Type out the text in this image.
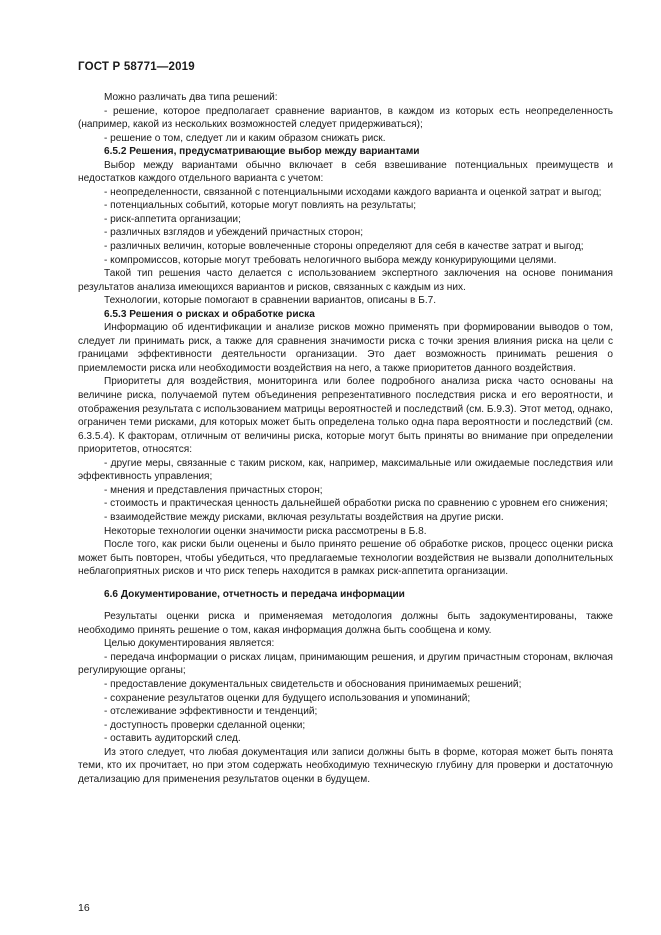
ГОСТ Р 58771—2019

Можно различать два типа решений:

- решение, которое предполагает сравнение вариантов, в каждом из которых есть неопределенность (например, какой из нескольких возможностей следует придерживаться);

- решение о том, следует ли и каким образом снижать риск.

6.5.2 Решения, предусматривающие выбор между вариантами

Выбор между вариантами обычно включает в себя взвешивание потенциальных преимуществ и недостатков каждого отдельного варианта с учетом:

- неопределенности, связанной с потенциальными исходами каждого варианта и оценкой затрат и выгод;

- потенциальных событий, которые могут повлиять на результаты;

- риск-аппетита организации;

- различных взглядов и убеждений причастных сторон;

- различных величин, которые вовлеченные стороны определяют для себя в качестве затрат и выгод;

- компромиссов, которые могут требовать нелогичного выбора между конкурирующими целями.

Такой тип решения часто делается с использованием экспертного заключения на основе понимания результатов анализа имеющихся вариантов и рисков, связанных с каждым из них.

Технологии, которые помогают в сравнении вариантов, описаны в Б.7.

6.5.3 Решения о рисках и обработке риска

Информацию об идентификации и анализе рисков можно применять при формировании выводов о том, следует ли принимать риск, а также для сравнения значимости риска с точки зрения влияния риска на цели с границами эффективности деятельности организации. Это дает возможность принимать решения о приемлемости риска или необходимости воздействия на него, а также приоритетов данного воздействия.

Приоритеты для воздействия, мониторинга или более подробного анализа риска часто основаны на величине риска, получаемой путем объединения репрезентативного последствия риска и его вероятности, и отображения результата с использованием матрицы вероятностей и последствий (см. Б.9.3). Этот метод, однако, ограничен теми рисками, для которых может быть определена только одна пара вероятности и последствий (см. 6.3.5.4). К факторам, отличным от величины риска, которые могут быть приняты во внимание при определении приоритетов, относятся:

- другие меры, связанные с таким риском, как, например, максимальные или ожидаемые последствия или эффективность управления;

- мнения и представления причастных сторон;

- стоимость и практическая ценность дальнейшей обработки риска по сравнению с уровнем его снижения;

- взаимодействие между рисками, включая результаты воздействия на другие риски.

Некоторые технологии оценки значимости риска рассмотрены в Б.8.

После того, как риски были оценены и было принято решение об обработке рисков, процесс оценки риска может быть повторен, чтобы убедиться, что предлагаемые технологии воздействия не вызвали дополнительных неблагоприятных рисков и что риск теперь находится в рамках риск-аппетита организации.

6.6 Документирование, отчетность и передача информации

Результаты оценки риска и применяемая методология должны быть задокументированы, также необходимо принять решение о том, какая информация должна быть сообщена и кому.

Целью документирования является:

- передача информации о рисках лицам, принимающим решения, и другим причастным сторонам, включая регулирующие органы;

- предоставление документальных свидетельств и обоснования принимаемых решений;

- сохранение результатов оценки для будущего использования и упоминаний;

- отслеживание эффективности и тенденций;

- доступность проверки сделанной оценки;

- оставить аудиторский след.

Из этого следует, что любая документация или записи должны быть в форме, которая может быть понята теми, кто их прочитает, но при этом содержать необходимую техническую глубину для проверки и достаточную детализацию для применения результатов оценки в будущем.

16
